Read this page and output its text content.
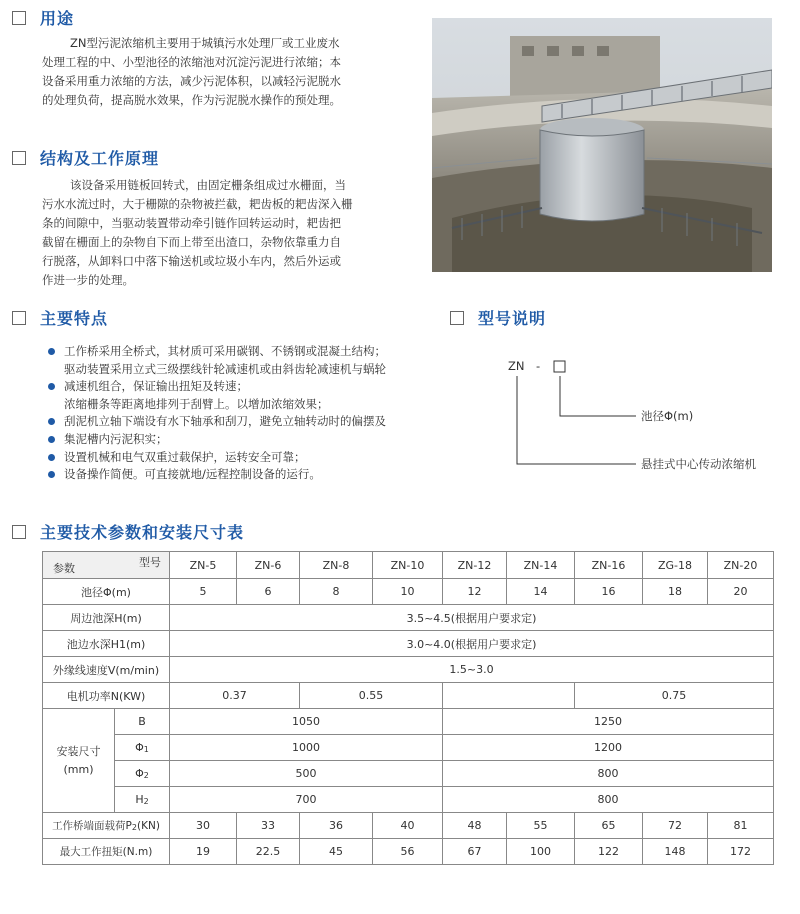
用途
ZN型污泥浓缩机主要用于城镇污水处理厂或工业废水
处理工程的中、小型池径的浓缩池对沉淀污泥进行浓缩；本
设备采用重力浓缩的方法，减少污泥体积，以减轻污泥脱水
的处理负荷，提高脱水效果，作为污泥脱水操作的预处理。
结构及工作原理
该设备采用链板回转式，由固定栅条组成过水栅面，当
污水水流过时，大于栅隙的杂物被拦截，耙齿板的耙齿深入栅
条的间隙中，当驱动装置带动牵引链作回转运动时，耙齿把
截留在栅面上的杂物自下而上带至出渣口，杂物依靠重力自
行脱落，从卸料口中落下输送机或垃圾小车内，然后外运或
作进一步的处理。
主要特点
工作桥采用全桥式，其材质可采用碳钢、不锈钢或混凝土结构；
驱动装置采用立式三级摆线针轮减速机或由斜齿轮减速机与蜗轮
减速机组合，保证输出扭矩及转速；
浓缩栅条等距离地排列于刮臂上。以增加浓缩效果；
刮泥机立轴下端设有水下轴承和刮刀，避免立轴转动时的偏摆及
集泥槽内污泥积实；
设置机械和电气双重过载保护，运转安全可靠；
设备操作简便。可直接就地/远程控制设备的运行。
型号说明
ZN -
池径Φ(m)
悬挂式中心传动浓缩机
主要技术参数和安装尺寸表
型号
参数		ZN-5	ZN-6	ZN-8	ZN-10	ZN-12	ZN-14	ZN-16	ZG-18	ZN-20
池径Φ(m)		5	6	8	10	12	14	16	18	20
周边池深H(m)		3.5~4.5(根据用户要求定)								
池边水深H1(m)		3.0~4.0(根据用户要求定)								
外缘线速度V(m/min)		1.5~3.0								
电机功率N(KW)		0.37		0.55				0.75		

安装尺寸
(mm)	B	1050				1250				
	$\Phi_1$	1000				1200				
	$\Phi_2$	500				800				
	$H_2$	700				800				
工作桥端面载荷$P_2(KN)$		30	33	36	40	48	55	65	72	81
最大工作扭矩(N.m)		19	22.5	45	56	67	100	122	148	172
